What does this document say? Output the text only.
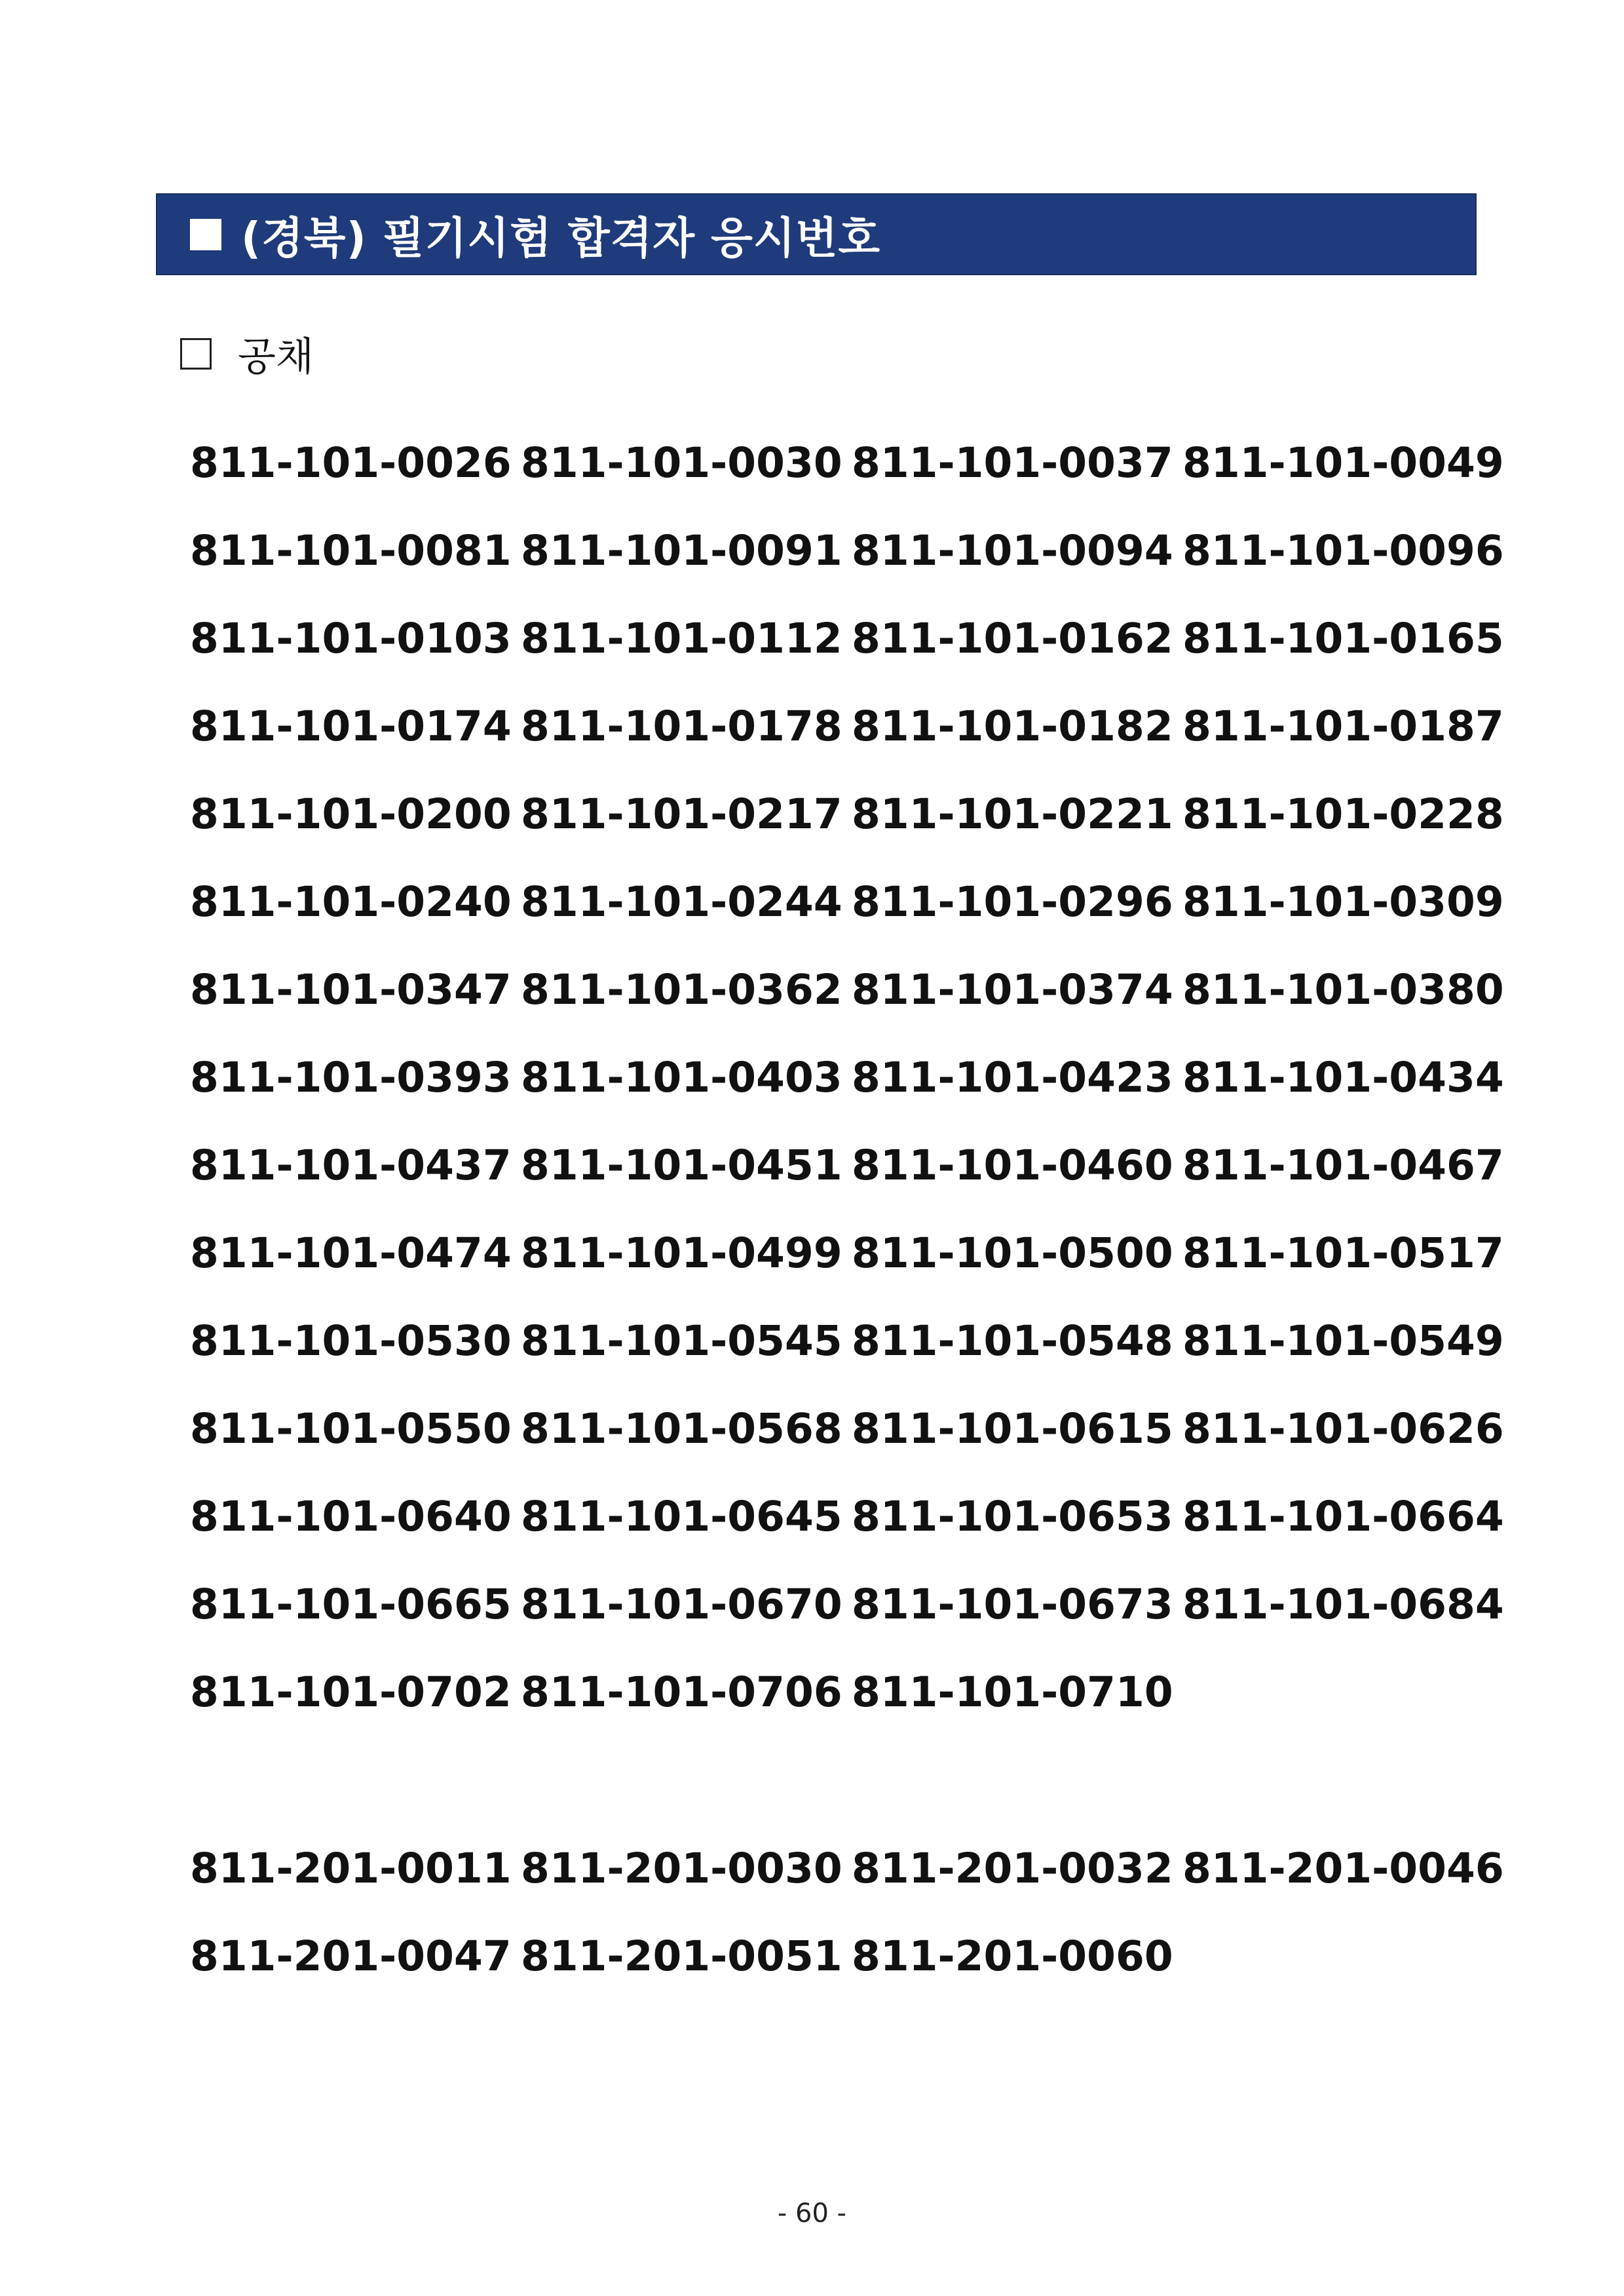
(경북) 필기시험 합격자 응시번호
공채
811-101-0026 811-101-0030 811-101-0037 811-101-0049
811-101-0081 811-101-0091 811-101-0094 811-101-0096
811-101-0103 811-101-0112 811-101-0162 811-101-0165
811-101-0174 811-101-0178 811-101-0182 811-101-0187
811-101-0200 811-101-0217 811-101-0221 811-101-0228
811-101-0240 811-101-0244 811-101-0296 811-101-0309
811-101-0347 811-101-0362 811-101-0374 811-101-0380
811-101-0393 811-101-0403 811-101-0423 811-101-0434
811-101-0437 811-101-0451 811-101-0460 811-101-0467
811-101-0474 811-101-0499 811-101-0500 811-101-0517
811-101-0530 811-101-0545 811-101-0548 811-101-0549
811-101-0550 811-101-0568 811-101-0615 811-101-0626
811-101-0640 811-101-0645 811-101-0653 811-101-0664
811-101-0665 811-101-0670 811-101-0673 811-101-0684
811-101-0702 811-101-0706 811-101-0710
811-201-0011 811-201-0030 811-201-0032 811-201-0046
811-201-0047 811-201-0051 811-201-0060
- 60 -
